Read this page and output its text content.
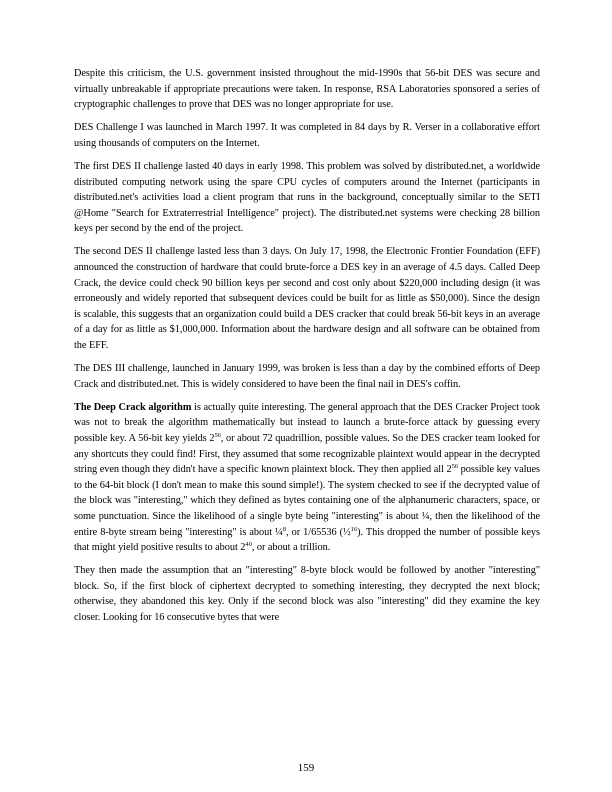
Despite this criticism, the U.S. government insisted throughout the mid-1990s that 56-bit DES was secure and virtually unbreakable if appropriate precautions were taken. In response, RSA Laboratories sponsored a series of cryptographic challenges to prove that DES was no longer appropriate for use.

DES Challenge I was launched in March 1997. It was completed in 84 days by R. Verser in a collaborative effort using thousands of computers on the Internet.

The first DES II challenge lasted 40 days in early 1998. This problem was solved by distributed.net, a worldwide distributed computing network using the spare CPU cycles of computers around the Internet (participants in distributed.net's activities load a client program that runs in the background, conceptually similar to the SETI @Home "Search for Extraterrestrial Intelligence" project). The distributed.net systems were checking 28 billion keys per second by the end of the project.

The second DES II challenge lasted less than 3 days. On July 17, 1998, the Electronic Frontier Foundation (EFF) announced the construction of hardware that could brute-force a DES key in an average of 4.5 days. Called Deep Crack, the device could check 90 billion keys per second and cost only about $220,000 including design (it was erroneously and widely reported that subsequent devices could be built for as little as $50,000). Since the design is scalable, this suggests that an organization could build a DES cracker that could break 56-bit keys in an average of a day for as little as $1,000,000. Information about the hardware design and all software can be obtained from the EFF.

The DES III challenge, launched in January 1999, was broken is less than a day by the combined efforts of Deep Crack and distributed.net. This is widely considered to have been the final nail in DES's coffin.

The Deep Crack algorithm is actually quite interesting. The general approach that the DES Cracker Project took was not to break the algorithm mathematically but instead to launch a brute-force attack by guessing every possible key. A 56-bit key yields $2^{56}$, or about 72 quadrillion, possible values. So the DES cracker team looked for any shortcuts they could find! First, they assumed that some recognizable plaintext would appear in the decrypted string even though they didn't have a specific known plaintext block. They then applied all $2^{56}$ possible key values to the 64-bit block (I don't mean to make this sound simple!). The system checked to see if the decrypted value of the block was "interesting," which they defined as bytes containing one of the alphanumeric characters, space, or some punctuation. Since the likelihood of a single byte being "interesting" is about ¼, then the likelihood of the entire 8-byte stream being "interesting" is about ¼$^8$, or 1/65536 (½$^{16}$). This dropped the number of possible keys that might yield positive results to about $2^{40}$, or about a trillion.

They then made the assumption that an "interesting" 8-byte block would be followed by another "interesting" block. So, if the first block of ciphertext decrypted to something interesting, they decrypted the next block; otherwise, they abandoned this key. Only if the second block was also "interesting" did they examine the key closer. Looking for 16 consecutive bytes that were

159
